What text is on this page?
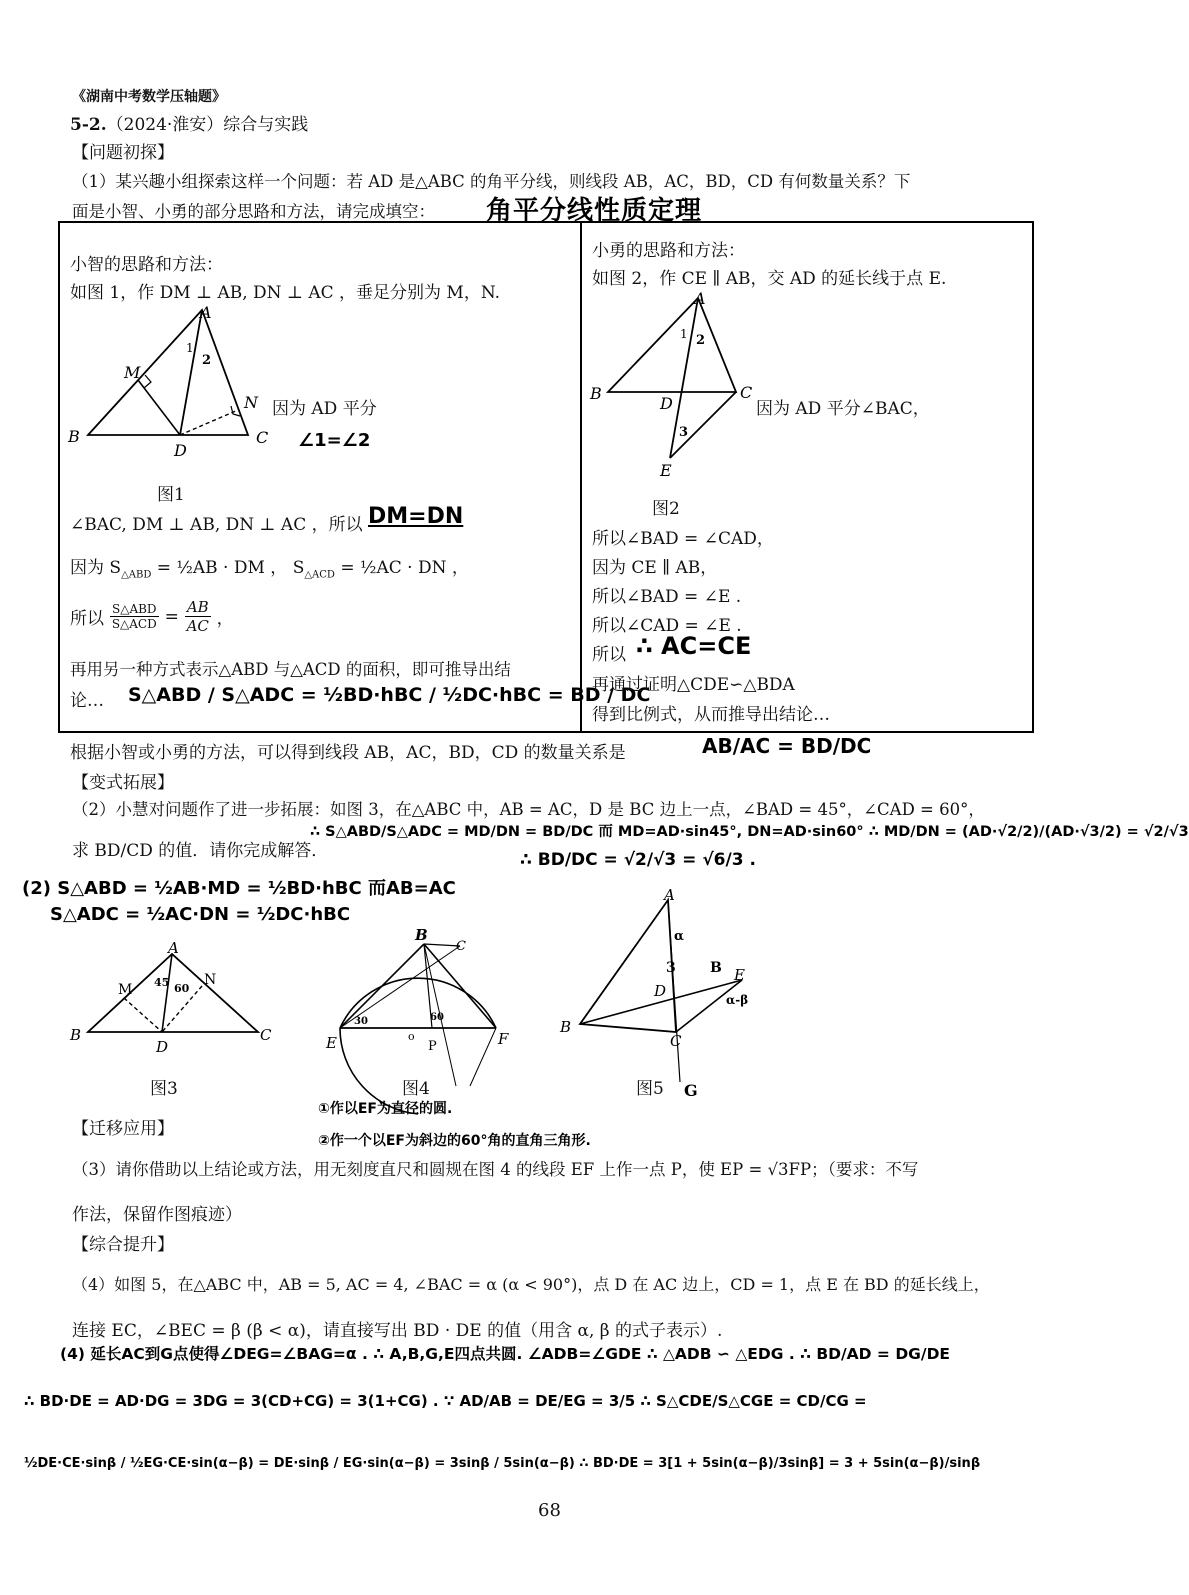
《湖南中考数学压轴题》
5-2.（2024·淮安）综合与实践
【问题初探】
（1）某兴趣小组探索这样一个问题：若 AD 是△ABC 的角平分线，则线段 AB，AC，BD，CD 有何数量关系？下
面是小智、小勇的部分思路和方法，请完成填空： 角平分线性质定理
小智的思路和方法：
如图 1，作 DM ⊥ AB, DN ⊥ AC ，垂足分别为 M，N.
A
B
D
C
M
N
1
2
因为 AD 平分
∠1=∠2
图1
∠BAC, DM ⊥ AB, DN ⊥ AC ，所以 DM=DN
因为 $S_{\triangle ABD}$ = ½AB · DM ， $S_{\triangle ACD}$ = ½AC · DN ，
所以 S△ABD
S△ACD = $\frac{AB}{AC}$ ，
再用另一种方式表示△ABD 与△ACD 的面积，即可推导出结
论… S△ABD / S△ADC = ½BD·hBC / ½DC·hBC = BD / DC
小勇的思路和方法：
如图 2，作 CE ∥ AB，交 AD 的延长线于点 E.
A
B
D
C
E
1 2
3
因为 AD 平分∠BAC，
图2
所以∠BAD = ∠CAD，
因为 CE ∥ AB，
所以∠BAD = ∠E .
所以∠CAD = ∠E .
所以 ∴ AC=CE
再通过证明△CDE∽△BDA
得到比例式，从而推导出结论…
根据小智或小勇的方法，可以得到线段 AB，AC，BD，CD 的数量关系是	AB/AC = BD/DC
【变式拓展】
（2）小慧对问题作了进一步拓展：如图 3，在△ABC 中，AB = AC，D 是 BC 边上一点，∠BAD = 45°，∠CAD = 60°，
求 BD/CD 的值．请你完成解答．
∴ S△ABD/S△ADC = MD/DN = BD/DC 而 MD=AD·sin45°, DN=AD·sin60° ∴ MD/DN = (AD·√2/2)/(AD·√3/2) = √2/√3
∴ BD/DC = √2/√3 = √6/3 .
(2) S△ABD = ½AB·MD = ½BD·hBC 而AB=AC
S△ADC = ½AC·DN = ½DC·hBC
A
B
D
C
M
N
45 60
图3
B
C
E	F
o
P
30	60
图4
①作以EF为直径的圆.
②作一个以EF为斜边的60°角的直角三角形.
A
B
D
C
E
B
G
α
α-β
3
图5
【迁移应用】
（3）请你借助以上结论或方法，用无刻度直尺和圆规在图 4 的线段 EF 上作一点 P，使 EP = √3FP；（要求：不写
作法，保留作图痕迹）
【综合提升】
（4）如图 5，在△ABC 中，AB = 5, AC = 4, ∠BAC = α (α < 90°)，点 D 在 AC 边上，CD = 1，点 E 在 BD 的延长线上，
连接 EC，∠BEC = β (β < α)，请直接写出 BD · DE 的值（用含 α, β 的式子表示）.
(4) 延长AC到G点使得∠DEG=∠BAG=α . ∴ A,B,G,E四点共圆. ∠ADB=∠GDE ∴ △ADB ∽ △EDG . ∴ BD/AD = DG/DE
∴ BD·DE = AD·DG = 3DG = 3(CD+CG) = 3(1+CG) . ∵ AD/AB = DE/EG = 3/5 ∴ S△CDE/S△CGE = CD/CG =
½DE·CE·sinβ / ½EG·CE·sin(α−β) = DE·sinβ / EG·sin(α−β) = 3sinβ / 5sin(α−β) ∴ BD·DE = 3[1 + 5sin(α−β)/3sinβ] = 3 + 5sin(α−β)/sinβ
68
